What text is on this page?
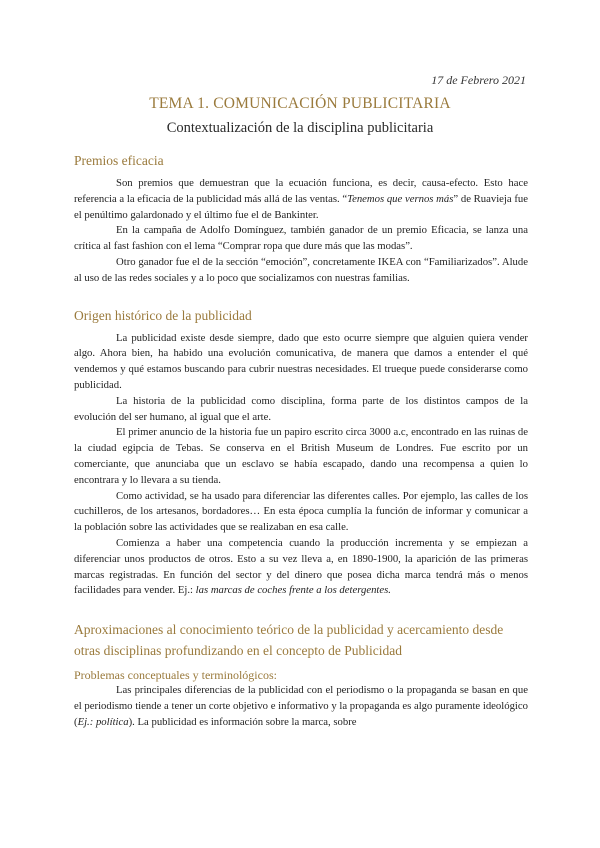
17 de Febrero 2021
TEMA 1. COMUNICACIÓN PUBLICITARIA
Contextualización de la disciplina publicitaria
Premios eficacia

Son premios que demuestran que la ecuación funciona, es decir, causa-efecto. Esto hace referencia a la eficacia de la publicidad más allá de las ventas. “Tenemos que vernos más” de Ruavieja fue el penúltimo galardonado y el último fue el de Bankinter.

En la campaña de Adolfo Domínguez, también ganador de un premio Eficacia, se lanza una crítica al fast fashion con el lema “Comprar ropa que dure más que las modas”.

Otro ganador fue el de la sección “emoción”, concretamente IKEA con “Familiarizados”. Alude al uso de las redes sociales y a lo poco que socializamos con nuestras familias.

Origen histórico de la publicidad

La publicidad existe desde siempre, dado que esto ocurre siempre que alguien quiera vender algo. Ahora bien, ha habido una evolución comunicativa, de manera que damos a entender el qué vendemos y qué estamos buscando para cubrir nuestras necesidades. El trueque puede considerarse como publicidad.

La historia de la publicidad como disciplina, forma parte de los distintos campos de la evolución del ser humano, al igual que el arte.

El primer anuncio de la historia fue un papiro escrito circa 3000 a.c, encontrado en las ruinas de la ciudad egipcia de Tebas. Se conserva en el British Museum de Londres. Fue escrito por un comerciante, que anunciaba que un esclavo se había escapado, dando una recompensa a quien lo encontrara y lo llevara a su tienda.

Como actividad, se ha usado para diferenciar las diferentes calles. Por ejemplo, las calles de los cuchilleros, de los artesanos, bordadores… En esta época cumplía la función de informar y comunicar a la población sobre las actividades que se realizaban en esa calle.

Comienza a haber una competencia cuando la producción incrementa y se empiezan a diferenciar unos productos de otros. Esto a su vez lleva a, en 1890-1900, la aparición de las primeras marcas registradas. En función del sector y del dinero que posea dicha marca tendrá más o menos facilidades para vender. Ej.: las marcas de coches frente a los detergentes.

Aproximaciones al conocimiento teórico de la publicidad y acercamiento desde otras disciplinas profundizando en el concepto de Publicidad
Problemas conceptuales y terminológicos:

Las principales diferencias de la publicidad con el periodismo o la propaganda se basan en que el periodismo tiende a tener un corte objetivo e informativo y la propaganda es algo puramente ideológico (Ej.: política). La publicidad es información sobre la marca, sobre
